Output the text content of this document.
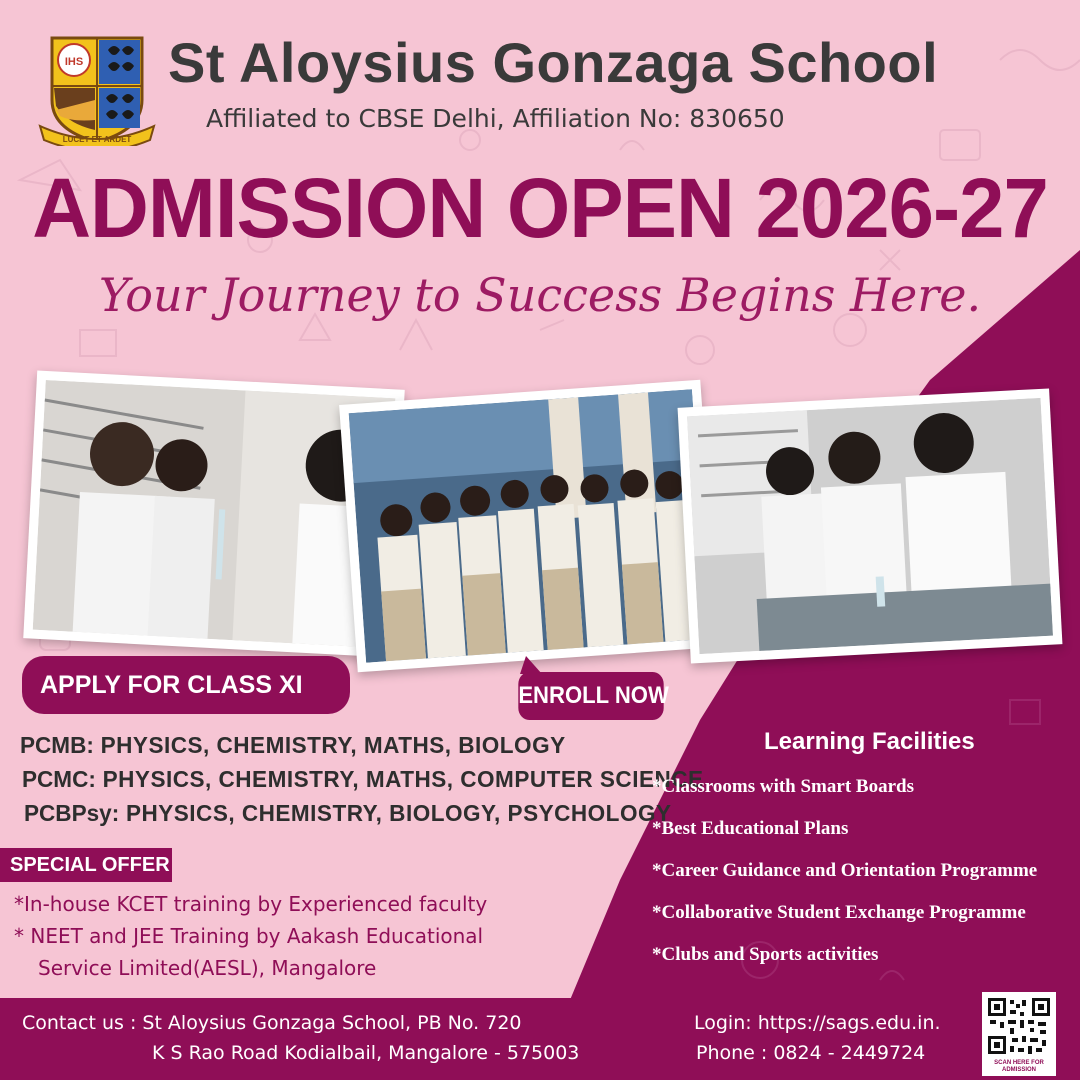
IHS
LUCET ET ARDET
St Aloysius Gonzaga School
Affiliated to CBSE Delhi, Affiliation No: 830650
ADMISSION OPEN 2026-27
Your Journey to Success Begins Here.
APPLY FOR CLASS XI	ENROLL NOW
PCMB: PHYSICS, CHEMISTRY, MATHS, BIOLOGY
PCMC: PHYSICS, CHEMISTRY, MATHS, COMPUTER SCIENCE
PCBPsy: PHYSICS, CHEMISTRY, BIOLOGY, PSYCHOLOGY
SPECIAL OFFER
*In-house KCET training by Experienced faculty
* NEET and JEE Training by Aakash Educational
Service Limited(AESL), Mangalore
Learning Facilities
*Classrooms with Smart Boards
*Best Educational Plans
*Career Guidance and Orientation Programme
*Collaborative Student Exchange Programme
*Clubs and Sports activities
Contact us : St Aloysius Gonzaga School, PB No. 720
K S Rao Road Kodialbail, Mangalore - 575003
Login: https://sags.edu.in.
Phone : 0824 - 2449724	SCAN HERE FOR ADMISSION
